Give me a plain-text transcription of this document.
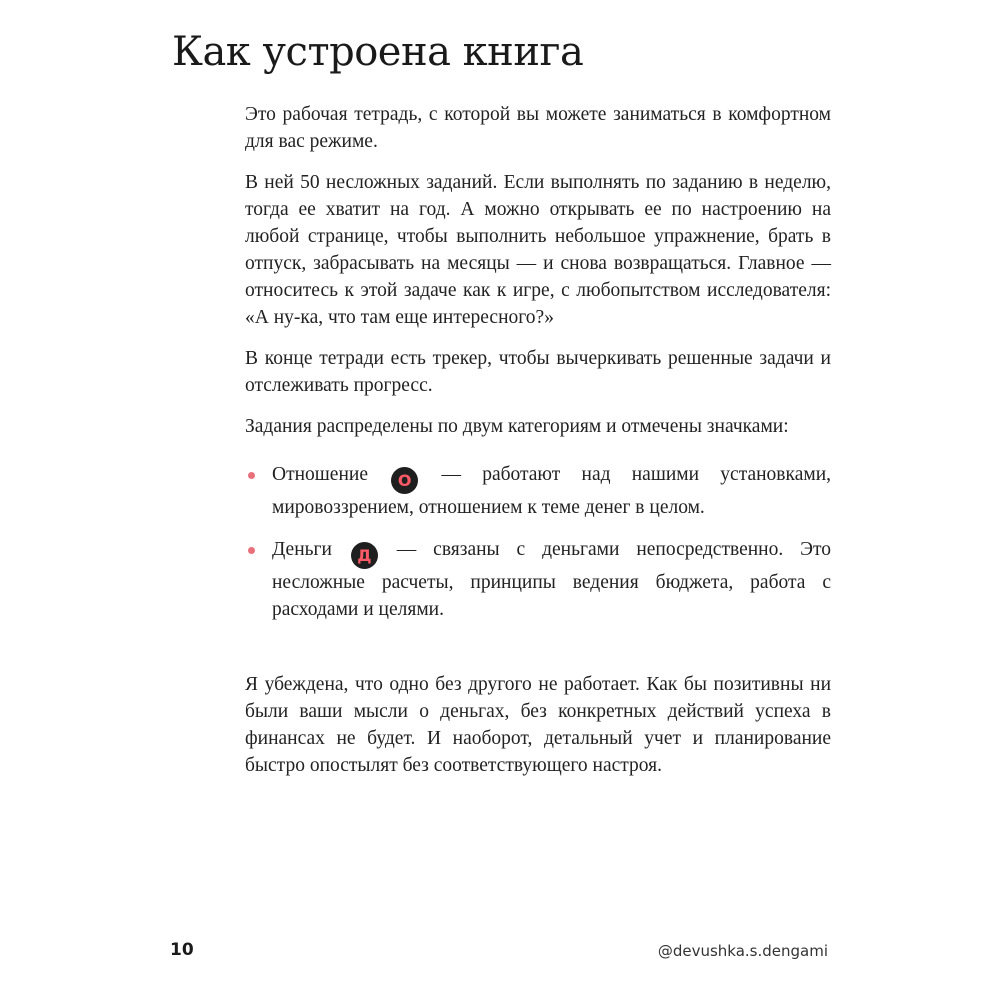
Как устроена книга

Это рабочая тетрадь, с которой вы можете заниматься в комфортном для вас режиме.

В ней 50 несложных заданий. Если выполнять по заданию в неделю, тогда ее хватит на год. А можно открывать ее по настроению на любой странице, чтобы выполнить небольшое упражнение, брать в отпуск, забрасывать на месяцы — и снова возвращаться. Главное — относитесь к этой задаче как к игре, с любопытством исследователя: «А ну-ка, что там еще интересного?»

В конце тетради есть трекер, чтобы вычеркивать решенные задачи и отслеживать прогресс.

Задания распределены по двум категориям и отмечены значками:

Отношение О — работают над нашими установками, мировоззрением, отношением к теме денег в целом.
Деньги Д — связаны с деньгами непосредственно. Это несложные расчеты, принципы ведения бюджета, работа с расходами и целями.

Я убеждена, что одно без другого не работает. Как бы позитивны ни были ваши мысли о деньгах, без конкретных действий успеха в финансах не будет. И наоборот, детальный учет и планирование быстро опостылят без соответствующего настроя.

10	@devushka.s.dengami
